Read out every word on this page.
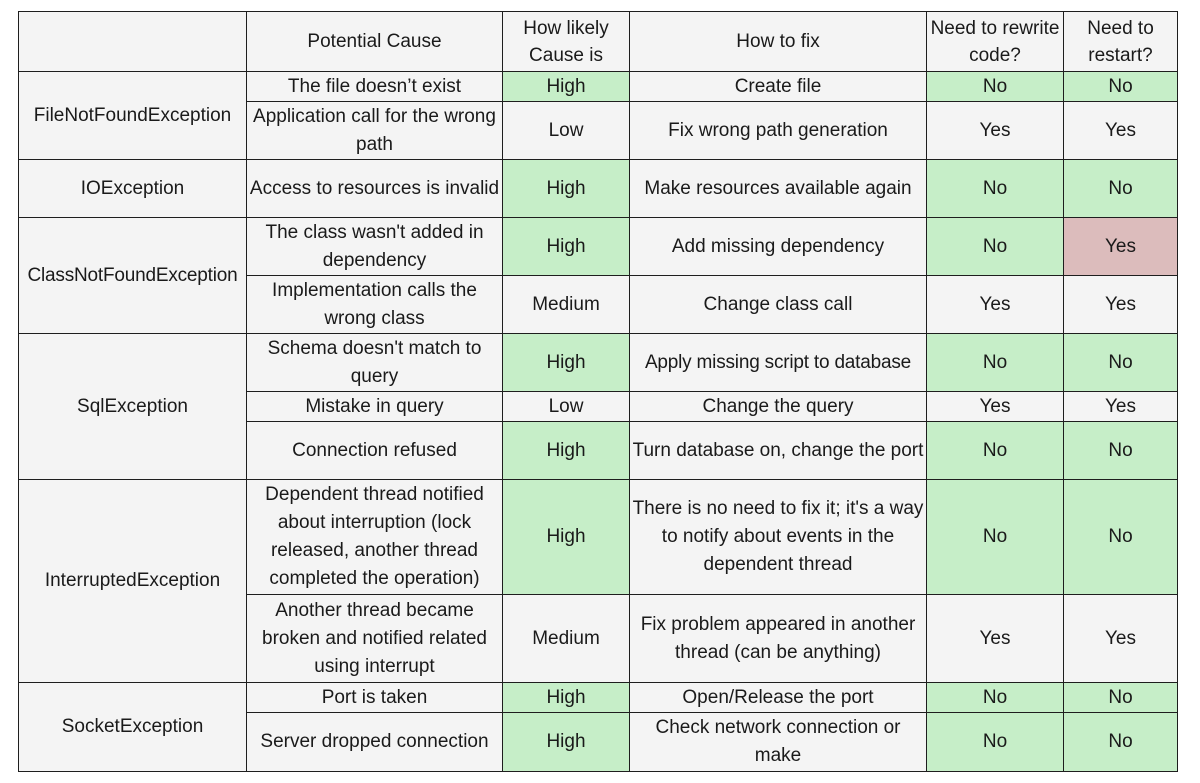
	Potential Cause	How likely Cause is	How to fix	Need to rewrite code?	Need to restart?
FileNotFoundException	The file doesn’t exist	High	Create file	No	No
	Application call for the wrong path	Low	Fix wrong path generation	Yes	Yes
IOException	Access to resources is invalid	High	Make resources available again	No	No
ClassNotFoundException	The class wasn't added in dependency	High	Add missing dependency	No	Yes
	Implementation calls the wrong class	Medium	Change class call	Yes	Yes
SqlException	Schema doesn't match to query	High	Apply missing script to database	No	No
	Mistake in query	Low	Change the query	Yes	Yes
	Connection refused	High	Turn database on, change the port	No	No
InterruptedException	Dependent thread notified about interruption (lock released, another thread completed the operation)	High	There is no need to fix it; it's a way to notify about events in the dependent thread	No	No
	Another thread became broken and notified related using interrupt	Medium	Fix problem appeared in another thread (can be anything)	Yes	Yes
SocketException	Port is taken	High	Open/Release the port	No	No
	Server dropped connection	High	Check network connection or make	No	No
